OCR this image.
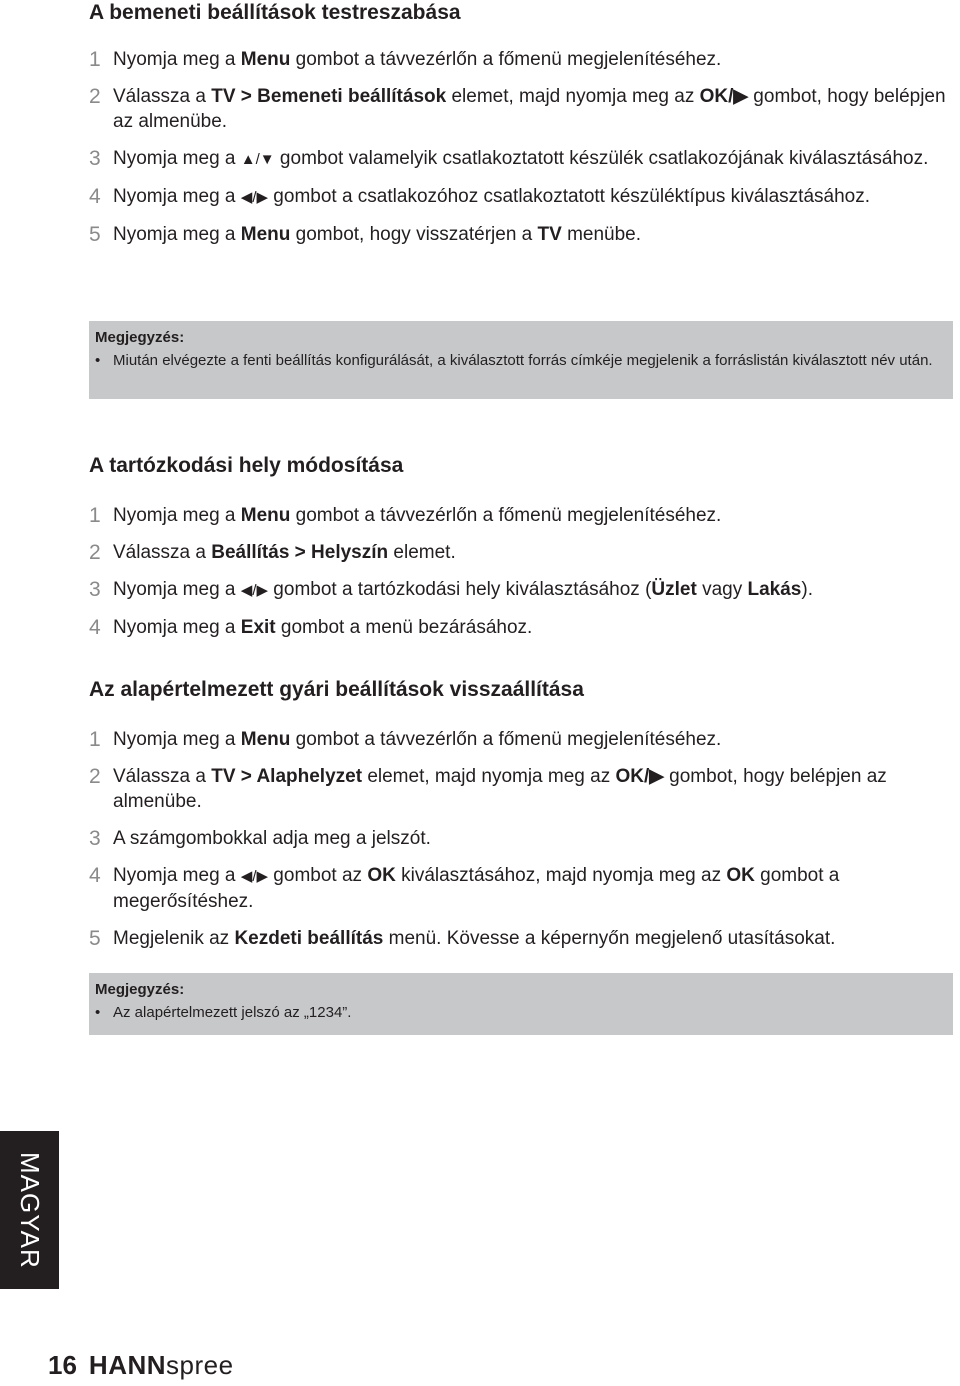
A bemeneti beállítások testreszabása
1 Nyomja meg a Menu gombot a távvezérlőn a főmenü megjelenítéséhez.
2 Válassza a TV > Bemeneti beállítások elemet, majd nyomja meg az OK/▶ gombot, hogy belépjen az almenübe.
3 Nyomja meg a ▲/▼ gombot valamelyik csatlakoztatott készülék csatlakozójának kiválasztásához.
4 Nyomja meg a ◀/▶ gombot a csatlakozóhoz csatlakoztatott készüléktípus kiválasztásához.
5 Nyomja meg a Menu gombot, hogy visszatérjen a TV menübe.
Megjegyzés:
• Miután elvégezte a fenti beállítás konfigurálását, a kiválasztott forrás címkéje megjelenik a forráslistán kiválasztott név után.
A tartózkodási hely módosítása
1 Nyomja meg a Menu gombot a távvezérlőn a főmenü megjelenítéséhez.
2 Válassza a Beállítás > Helyszín elemet.
3 Nyomja meg a ◀/▶ gombot a tartózkodási hely kiválasztásához (Üzlet vagy Lakás).
4 Nyomja meg a Exit gombot a menü bezárásához.
Az alapértelmezett gyári beállítások visszaállítása
1 Nyomja meg a Menu gombot a távvezérlőn a főmenü megjelenítéséhez.
2 Válassza a TV > Alaphelyzet elemet, majd nyomja meg az OK/▶ gombot, hogy belépjen az almenübe.
3 A számgombokkal adja meg a jelszót.
4 Nyomja meg a ◀/▶ gombot az OK kiválasztásához, majd nyomja meg az OK gombot a megerősítéshez.
5 Megjelenik az Kezdeti beállítás menü. Kövesse a képernyőn megjelenő utasításokat.
Megjegyzés:
• Az alapértelmezett jelszó az „1234”.
MAGYAR
16 HANNspree
